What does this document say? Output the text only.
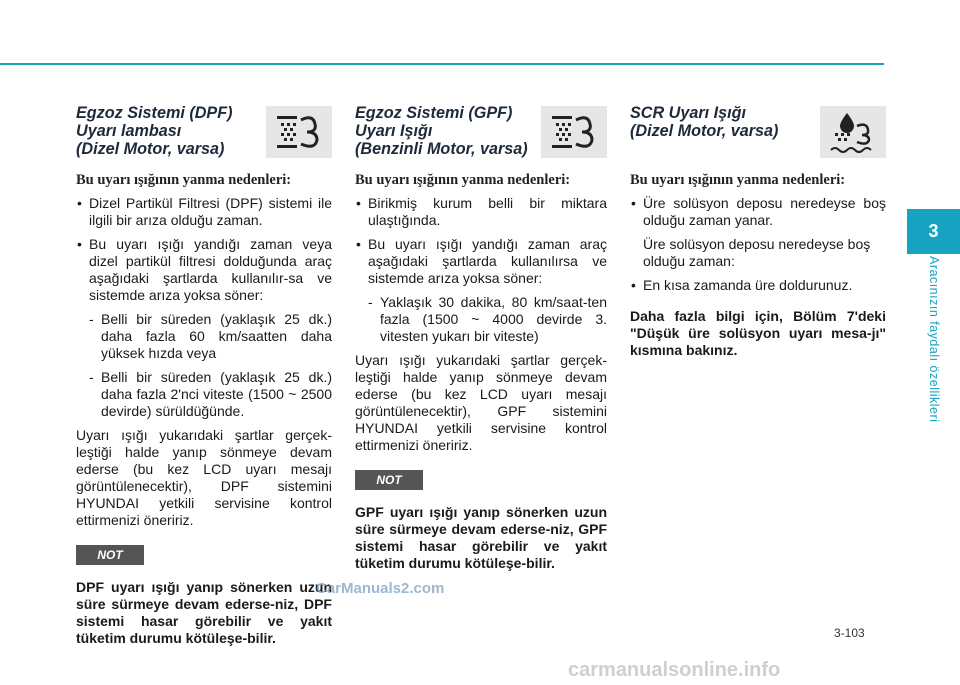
Egzoz Sistemi (DPF)
Uyarı lambası
(Dizel Motor, varsa)
Bu uyarı ışığının yanma nedenleri:
• Dizel Partikül Filtresi (DPF) sistemi ile ilgili bir arıza olduğu zaman.
• Bu uyarı ışığı yandığı zaman veya dizel partikül filtresi dolduğunda araç aşağıdaki şartlarda kullanılır-sa ve sistemde arıza yoksa söner:
- Belli bir süreden (yaklaşık 25 dk.) daha fazla 60 km/saatten daha yüksek hızda veya
- Belli bir süreden (yaklaşık 25 dk.) daha fazla 2'nci viteste (1500 ~ 2500 devirde) sürüldüğünde.
Uyarı ışığı yukarıdaki şartlar gerçek-leştiği halde yanıp sönmeye devam ederse (bu kez LCD uyarı mesajı görüntülenecektir), DPF sistemini HYUNDAI yetkili servisine kontrol ettirmenizi öneririz.
NOT
DPF uyarı ışığı yanıp sönerken uzun süre sürmeye devam ederse-niz, DPF sistemi hasar görebilir ve yakıt tüketim durumu kötüleşe-bilir.
Egzoz Sistemi (GPF)
Uyarı Işığı
(Benzinli Motor, varsa)
Bu uyarı ışığının yanma nedenleri:
• Birikmiş kurum belli bir miktara ulaştığında.
• Bu uyarı ışığı yandığı zaman araç aşağıdaki şartlarda kullanılırsa ve sistemde arıza yoksa söner:
- Yaklaşık 30 dakika, 80 km/saat-ten fazla (1500 ~ 4000 devirde 3. vitesten yukarı bir viteste)
Uyarı ışığı yukarıdaki şartlar gerçek-leştiği halde yanıp sönmeye devam ederse (bu kez LCD uyarı mesajı görüntülenecektir), GPF sistemini HYUNDAI yetkili servisine kontrol ettirmenizi öneririz.
NOT
GPF uyarı ışığı yanıp sönerken uzun süre sürmeye devam ederse-niz, GPF sistemi hasar görebilir ve yakıt tüketim durumu kötüleşe-bilir.
SCR Uyarı Işığı
(Dizel Motor, varsa)
Bu uyarı ışığının yanma nedenleri:
• Üre solüsyon deposu neredeyse boş olduğu zaman yanar.
Üre solüsyon deposu neredeyse boş olduğu zaman:
• En kısa zamanda üre doldurunuz.
Daha fazla bilgi için, Bölüm 7'deki "Düşük üre solüsyon uyarı mesa-jı" kısmına bakınız.
3
Aracınızın faydalı özellikleri
3-103
CarManuals2.com
carmanualsonline.info
